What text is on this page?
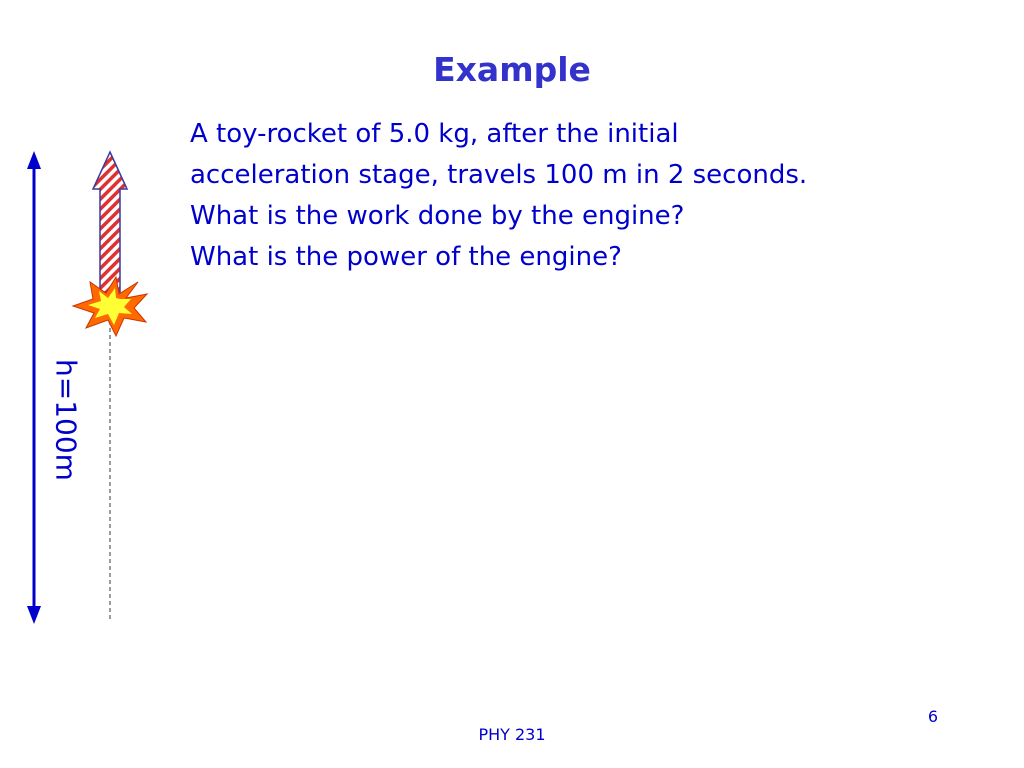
Example
A toy-rocket of 5.0 kg, after the initial
acceleration stage, travels 100 m in 2 seconds.
What is the work done by the engine?
What is the power of the engine?
h=100m
6
PHY 231
